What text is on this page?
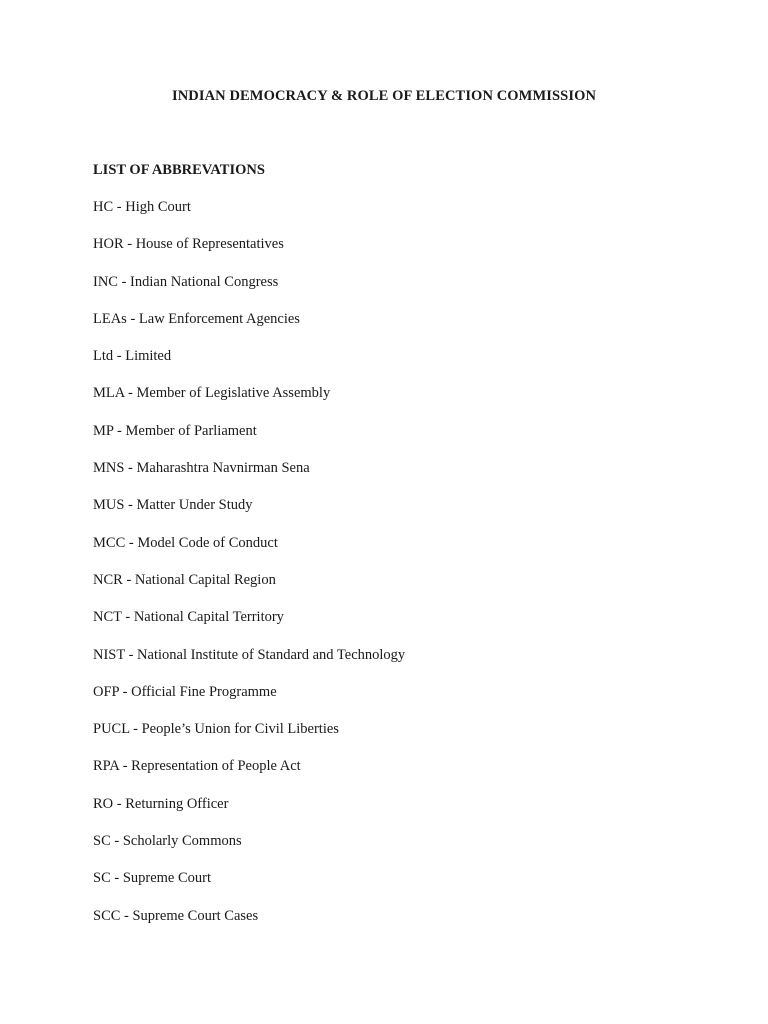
INDIAN DEMOCRACY & ROLE OF ELECTION COMMISSION
LIST OF ABBREVATIONS
HC - High Court
HOR - House of Representatives
INC - Indian National Congress
LEAs - Law Enforcement Agencies
Ltd - Limited
MLA - Member of Legislative Assembly
MP - Member of Parliament
MNS - Maharashtra Navnirman Sena
MUS - Matter Under Study
MCC - Model Code of Conduct
NCR - National Capital Region
NCT - National Capital Territory
NIST - National Institute of Standard and Technology
OFP - Official Fine Programme
PUCL - People’s Union for Civil Liberties
RPA - Representation of People Act
RO - Returning Officer
SC - Scholarly Commons
SC - Supreme Court
SCC - Supreme Court Cases
